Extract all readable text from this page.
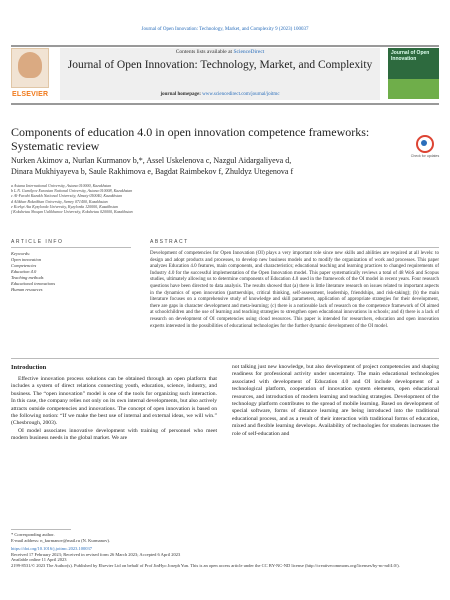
Journal of Open Innovation: Technology, Market, and Complexity 9 (2023) 100037
ELSEVIER
Contents lists available at ScienceDirect
Journal of Open Innovation: Technology, Market, and Complexity
journal homepage: www.sciencedirect.com/journal/joitmc
Journal of Open Innovation
Components of education 4.0 in open innovation competence frameworks: Systematic review
Check for updates
Nurken Akimov a, Nurlan Kurmanov b,*, Assel Uskelenova c, Nazgul Aidargaliyeva d,
Dinara Mukhiyayeva b, Saule Rakhimova e, Bagdat Raimbekov f, Zhuldyz Utegenova f
a Astana International University, Astana 010000, Kazakhstan
b L.N. Gumilyov Eurasian National University, Astana 010008, Kazakhstan
c Al-Farabi Kazakh National University, Almaty 050040, Kazakhstan
d Alikhan Bokeikhan University, Semey 071400, Kazakhstan
e Korkyt Ata Kyzylorda University, Kyzylorda 120000, Kazakhstan
f Kokshetau Shoqan Ualikhanov University, Kokshetau 020000, Kazakhstan
ARTICLE INFO
Keywords:
Open innovation
Competencies
Education 4.0
Teaching methods
Educational innovations
Human resources
ABSTRACT
Development of competencies for Open Innovation (OI) plays a very important role since new skills and abilities are required at all levels: to design and adopt products and processes, to develop new business models and to modify the organization of work and processes. This paper analyzes Education 4.0 features, main components, and characteristics; educational teaching and learning practices to changed requirements of Industry 4.0 for the successful implementation of the Open Innovation model. This paper systematically reviews a total of 48 WoS and Scopus studies, ultimately allowing us to determine components of Education 4.0 used in the framework of the OI model in recent years. Four research questions have been directed to data analysis. The results showed that (a) there is little literature research on issues related to important aspects in the dynamics of open innovation (partnerships, critical thinking, self-assessment, leadership, friendships, and risk-taking); (b) the main literature focuses on a comprehensive study of knowledge and skill parameters, application of appropriate strategies for their development, there are gaps in character development and meta-learning; (c) there is a noticeable lack of research on the competence framework of OI aimed at schoolchildren and the use of learning and teaching strategies to strengthen open educational innovations in schools; and d) there is a lack of research on development of OI competencies using cloud resources. This paper is intended for researchers, education and open innovation experts interested in the possibilities of educational technologies for the further dynamic development of the OI model.
Introduction

Effective innovation process solutions can be obtained through an open platform that includes a system of direct relations connecting youth, education, science, industry, and business. The “open innovation” model is one of the tools for organizing such interaction. In this case, the company relies not only on its own internal developments, but also actively attracts outside competencies and innovations. The concept of open innovation is based on the following notion: “If we make the best use of internal and external ideas, we will win.” (Chesbrough, 2003).

OI model associates innovative development with training of personnel who meet modern business needs in the global market. We are

not talking just new knowledge, but also development of project competencies and shaping readiness for professional activity under uncertainty. The main educational technologies associated with development of Education 4.0 and OI include development of a technological platform, cooperation of innovation system elements, open educational resources, and introduction of modern learning and teaching strategies. Development of the technology platform contributes to the spread of mobile learning. Based on development of special software, forms of distance learning are being introduced into the traditional educational process, and as a result of their interaction with traditional forms of education, mixed and flexible learning develops. Availability of technologies for students increases the role of self-education and

* Corresponding author.
E-mail address: n_kurmanov@mail.ru (N. Kurmanov).
https://doi.org/10.1016/j.joitmc.2023.100037
Received 17 February 2023; Received in revised form 26 March 2023; Accepted 6 April 2023
Available online 11 April 2023
2199-8531/© 2023 The Author(s). Published by Elsevier Ltd on behalf of Prof JinHyo Joseph Yun. This is an open access article under the CC BY-NC-ND license (http://creativecommons.org/licenses/by-nc-nd/4.0/).
